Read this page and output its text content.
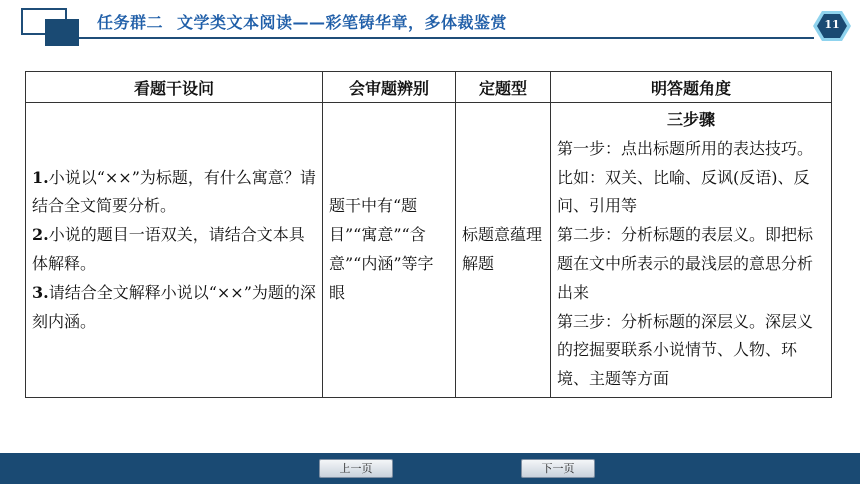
任务群二 文学类文本阅读——彩笔铸华章，多体裁鉴赏	11
看题干设问	会审题辨别	定题型	明答题角度

1.小说以“××”为标题，有什么寓意？请结合全文简要分析。
2.小说的题目一语双关，请结合文本具体解释。
3.请结合全文解释小说以“××”为题的深刻内涵。	题干中有“题目”“寓意”“含意”“内涵”等字眼	标题意蕴理解题	三步骤
第一步：点出标题所用的表达技巧。比如：双关、比喻、反讽(反语)、反问、引用等
第二步：分析标题的表层义。即把标题在文中所表示的最浅层的意思分析出来
第三步：分析标题的深层义。深层义的挖掘要联系小说情节、人物、环境、主题等方面
上一页	下一页
